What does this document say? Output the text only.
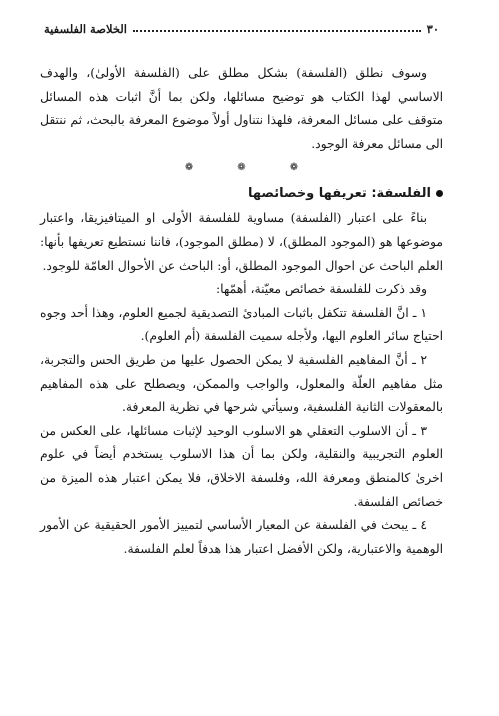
٣٠
الخلاصة الفلسفية

وسوف نطلق (الفلسفة) بشكل مطلق على (الفلسفة الأولىٰ)، والهدف الاساسي لهذا الكتاب هو توضيح مسائلها، ولكن بما أنَّ اثبات هذه المسائل متوقف على مسائل المعرفة، فلهذا نتناول أولاً موضوع المعرفة بالبحث، ثم ننتقل الى مسائل معرفة الوجود.

❁❁❁

الفلسفة: تعريفها وخصائصها

بناءً على اعتبار (الفلسفة) مساوية للفلسفة الأولى او الميتافيزيقا، واعتبار موضوعها هو (الموجود المطلق)، لا (مطلق الموجود)، فاننا نستطيع تعريفها بأنها: العلم الباحث عن احوال الموجود المطلق، أو: الباحث عن الأحوال العامّة للوجود.

وقد ذكرت للفلسفة خصائص معيّنة، أهمّها:

١ ـ انَّ الفلسفة تتكفل باثبات المبادئ التصديقية لجميع العلوم، وهذا أحد وجوه احتياج سائر العلوم اليها، ولأجله سميت الفلسفة (أم العلوم).

٢ ـ أنَّ المفاهيم الفلسفية لا يمكن الحصول عليها من طريق الحس والتجربة، مثل مفاهيم العلّة والمعلول، والواجب والممكن، ويصطلح على هذه المفاهيم بالمعقولات الثانية الفلسفية، وسيأتي شرحها في نظرية المعرفة.

٣ ـ أن الاسلوب التعقلي هو الاسلوب الوحيد لإثبات مسائلها، على العكس من العلوم التجريبية والنقلية، ولكن بما أن هذا الاسلوب يستخدم أيضاً في علوم اخرىٰ كالمنطق ومعرفة الله، وفلسفة الاخلاق، فلا يمكن اعتبار هذه الميزة من خصائص الفلسفة.

٤ ـ يبحث في الفلسفة عن المعيار الأساسي لتمييز الأمور الحقيقية عن الأمور الوهمية والاعتبارية، ولكن الأفضل اعتبار هذا هدفاً لعلم الفلسفة.
